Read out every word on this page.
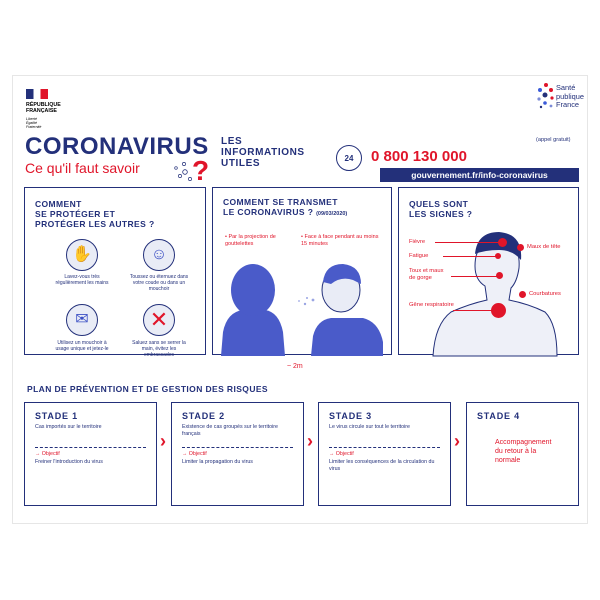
RÉPUBLIQUE FRANÇAISE
Liberté Égalité Fraternité
Santé publique France
CORONAVIRUS
Ce qu'il faut savoir ?
LES
INFORMATIONS
UTILES	24	0 800 130 000
(appel gratuit)
gouvernement.fr/info-coronavirus
COMMENT
SE PROTÉGER ET
PROTÉGER LES AUTRES ?
✋
Lavez-vous très régulièrement les mains
☺
Toussez ou éternuez dans votre coude ou dans un mouchoir
✉
Utilisez un mouchoir à usage unique et jetez-le
✕
Saluez sans se serrer la main, évitez les embrassades
COMMENT SE TRANSMET
LE CORONAVIRUS ? (09/03/2020)
• Par la projection de gouttelettes
• Face à face pendant au moins 15 minutes
~ 2m
QUELS SONT
LES SIGNES ?
Fièvre
Fatigue
Toux et maux de gorge
Gêne respiratoire
Maux de tête
Courbatures
PLAN DE PRÉVENTION ET DE GESTION DES RISQUES
STADE 1
Cas importés sur le territoire
→ Objectif
Freiner l'introduction du virus
›
STADE 2
Existence de cas groupés sur le territoire français
→ Objectif
Limiter la propagation du virus
›
STADE 3
Le virus circule sur tout le territoire
→ Objectif
Limiter les conséquences de la circulation du virus
›
STADE 4
Accompagnement du retour à la normale
